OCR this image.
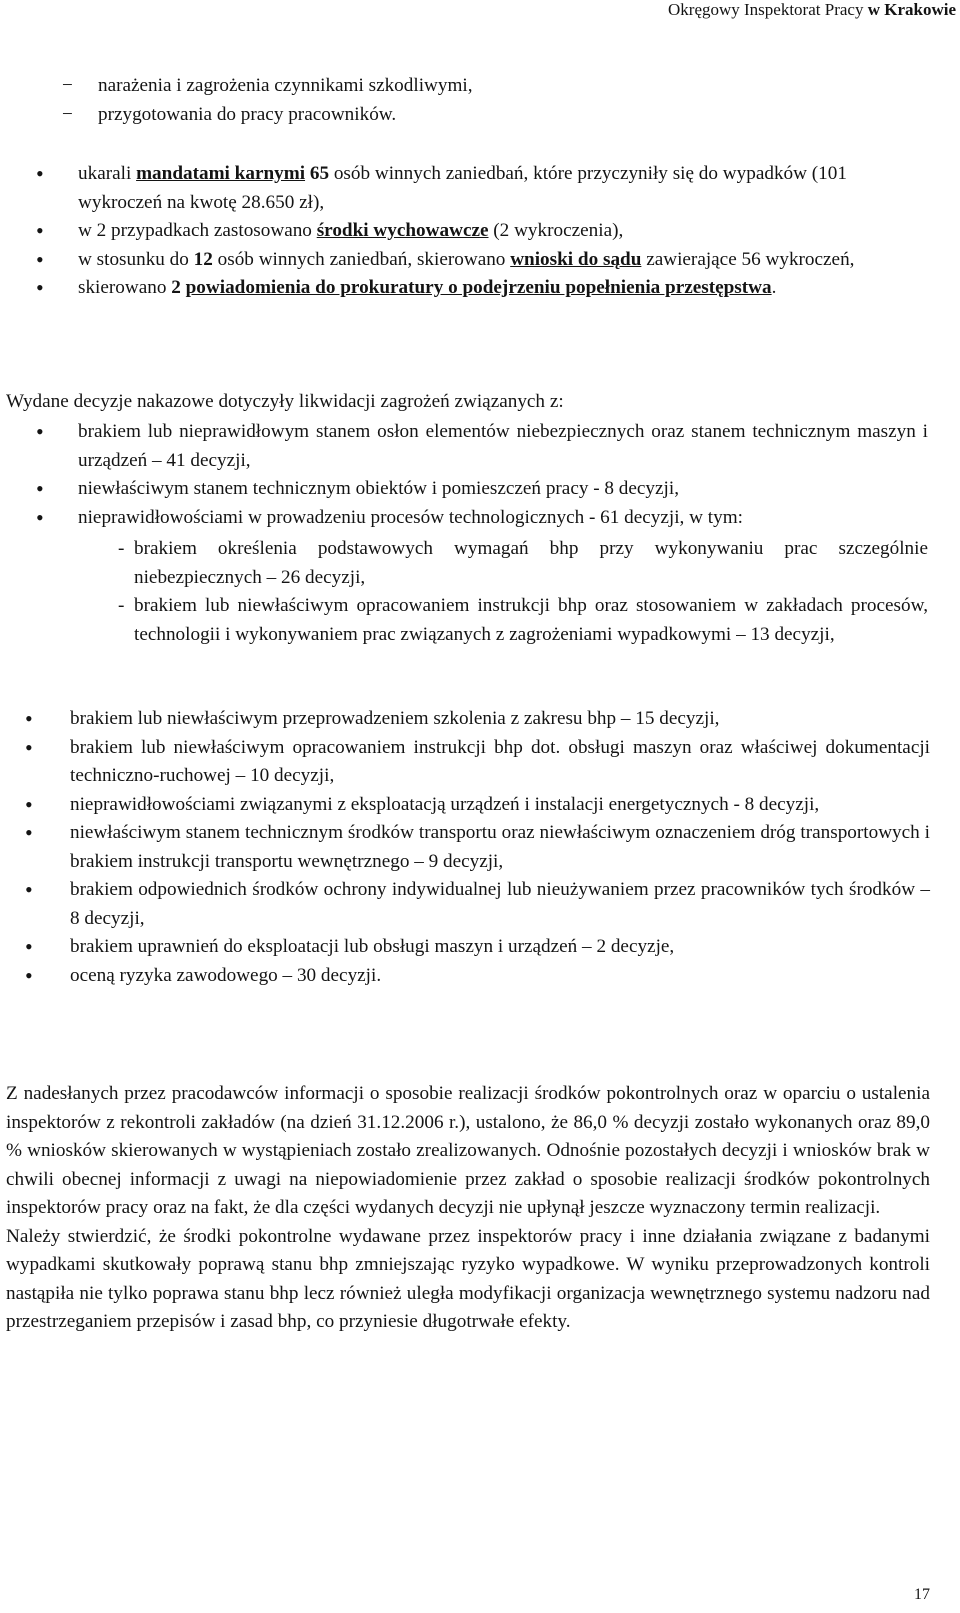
Okręgowy Inspektorat Pracy w Krakowie
− narażenia i zagrożenia czynnikami szkodliwymi,
− przygotowania do pracy pracowników.
• ukarali mandatami karnymi 65 osób winnych zaniedbań, które przyczyniły się do wypadków (101 wykroczeń na kwotę 28.650 zł),
• w 2 przypadkach zastosowano środki wychowawcze (2 wykroczenia),
• w stosunku do 12 osób winnych zaniedbań, skierowano wnioski do sądu zawierające 56 wykroczeń,
• skierowano 2 powiadomienia do prokuratury o podejrzeniu popełnienia przestępstwa.
Wydane decyzje nakazowe dotyczyły likwidacji zagrożeń związanych z:
• brakiem lub nieprawidłowym stanem osłon elementów niebezpiecznych oraz stanem technicznym maszyn i urządzeń – 41 decyzji,
• niewłaściwym stanem technicznym obiektów i pomieszczeń pracy - 8 decyzji,
• nieprawidłowościami w prowadzeniu procesów technologicznych - 61 decyzji, w tym:
- brakiem określenia podstawowych wymagań bhp przy wykonywaniu prac szczególnie niebezpiecznych – 26 decyzji,
- brakiem lub niewłaściwym opracowaniem instrukcji bhp oraz stosowaniem w zakładach procesów, technologii i wykonywaniem prac związanych z zagrożeniami wypadkowymi – 13 decyzji,
• brakiem lub niewłaściwym przeprowadzeniem szkolenia z zakresu bhp – 15 decyzji,
• brakiem lub niewłaściwym opracowaniem instrukcji bhp dot. obsługi maszyn oraz właściwej dokumentacji techniczno-ruchowej – 10 decyzji,
• nieprawidłowościami związanymi z eksploatacją urządzeń i instalacji energetycznych - 8 decyzji,
• niewłaściwym stanem technicznym środków transportu oraz niewłaściwym oznaczeniem dróg transportowych i brakiem instrukcji transportu wewnętrznego – 9 decyzji,
• brakiem odpowiednich środków ochrony indywidualnej lub nieużywaniem przez pracowników tych środków – 8 decyzji,
• brakiem uprawnień do eksploatacji lub obsługi maszyn i urządzeń – 2 decyzje,
• oceną ryzyka zawodowego – 30 decyzji.

Z nadesłanych przez pracodawców informacji o sposobie realizacji środków pokontrolnych oraz w oparciu o ustalenia inspektorów z rekontroli zakładów (na dzień 31.12.2006 r.), ustalono, że 86,0 % decyzji zostało wykonanych oraz 89,0 % wniosków skierowanych w wystąpieniach zostało zrealizowanych. Odnośnie pozostałych decyzji i wniosków brak w chwili obecnej informacji z uwagi na niepowiadomienie przez zakład o sposobie realizacji środków pokontrolnych inspektorów pracy oraz na fakt, że dla części wydanych decyzji nie upłynął jeszcze wyznaczony termin realizacji.

Należy stwierdzić, że środki pokontrolne wydawane przez inspektorów pracy i inne działania związane z badanymi wypadkami skutkowały poprawą stanu bhp zmniejszając ryzyko wypadkowe. W wyniku przeprowadzonych kontroli nastąpiła nie tylko poprawa stanu bhp lecz również uległa modyfikacji organizacja wewnętrznego systemu nadzoru nad przestrzeganiem przepisów i zasad bhp, co przyniesie długotrwałe efekty.

17
